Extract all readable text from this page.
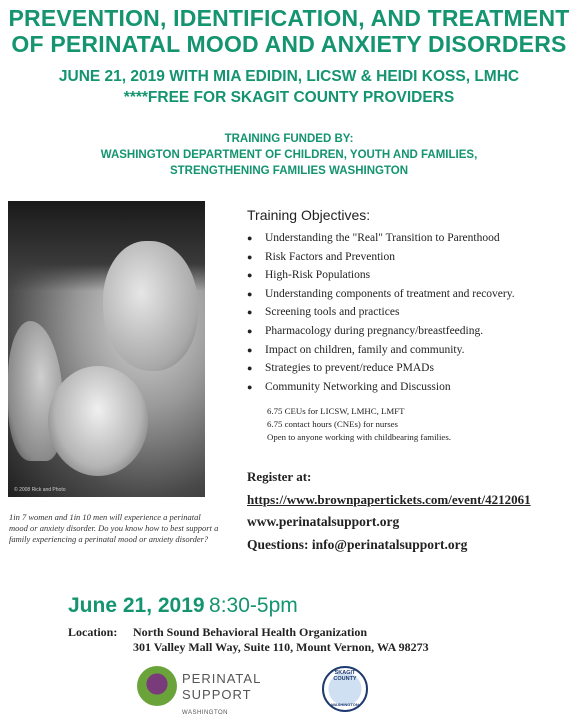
PREVENTION, IDENTIFICATION, AND TREATMENT
OF PERINATAL MOOD AND ANXIETY DISORDERS
JUNE 21, 2019 WITH MIA EDIDIN, LICSW & HEIDI KOSS, LMHC
****FREE FOR SKAGIT COUNTY PROVIDERS
TRAINING FUNDED BY:
WASHINGTON DEPARTMENT OF CHILDREN, YOUTH AND FAMILIES,
STRENGTHENING FAMILIES WASHINGTON
© 2008 Rick and Photo
1in 7 women and 1in 10 men will experience a perinatal mood or anxiety disorder. Do you know how to best support a family experiencing a perinatal mood or anxiety disorder?
Training Objectives:
● Understanding the "Real" Transition to Parenthood
● Risk Factors and Prevention
● High-Risk Populations
● Understanding components of treatment and recovery.
● Screening tools and practices
● Pharmacology during pregnancy/breastfeeding.
● Impact on children, family and community.
● Strategies to prevent/reduce PMADs
● Community Networking and Discussion
6.75 CEUs for LICSW, LMHC, LMFT
6.75 contact hours (CNEs) for nurses
Open to anyone working with childbearing families.
Register at:
https://www.brownpapertickets.com/event/4212061
www.perinatalsupport.org
Questions: info@perinatalsupport.org
June 21, 2019 8:30-5pm
Location: North Sound Behavioral Health Organization
301 Valley Mall Way, Suite 110, Mount Vernon, WA 98273
PERINATAL
SUPPORT WASHINGTON
SKAGIT COUNTY
WASHINGTON
